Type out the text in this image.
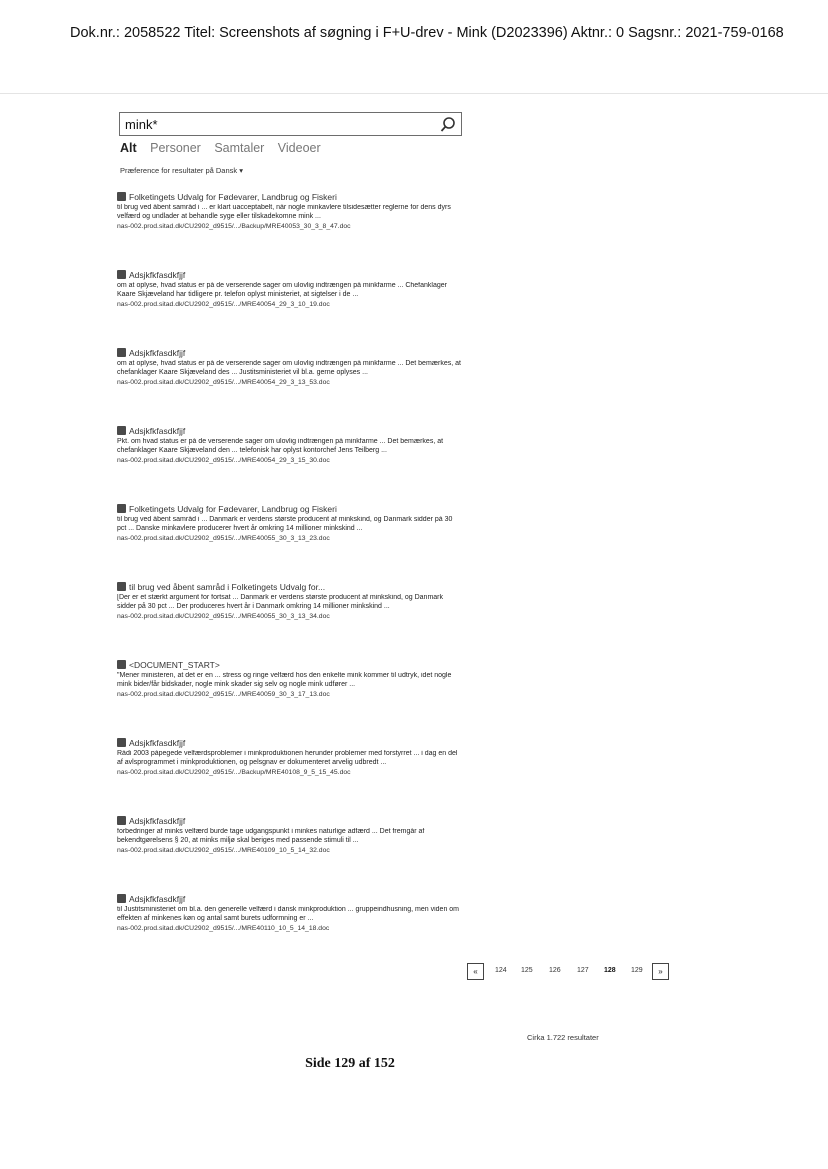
Dok.nr.: 2058522 Titel: Screenshots af søgning i F+U-drev - Mink (D2023396) Aktnr.: 0 Sagsnr.: 2021-759-0168
mink*
Alt Personer Samtaler Videoer
Præference for resultater på Dansk ▾
Folketingets Udvalg for Fødevarer, Landbrug og Fiskeri
til brug ved åbent samråd i ... er klart uacceptabelt, når nogle minkavlere tilsidesætter reglerne for dens dyrs velfærd og undlader at behandle syge eller tilskadekomne mink ...
nas-002.prod.sitad.dk/CU2902_d9515/.../Backup/MRE40053_30_3_8_47.doc
Adsjkfkfasdkfjjf
om at oplyse, hvad status er på de verserende sager om ulovlig indtrængen på minkfarme ... Chefanklager Kaare Skjæveland har tidligere pr. telefon oplyst ministeriet, at sigtelser i de ...
nas-002.prod.sitad.dk/CU2902_d9515/.../MRE40054_29_3_10_19.doc
Adsjkfkfasdkfjjf
om at oplyse, hvad status er på de verserende sager om ulovlig indtrængen på minkfarme ... Det bemærkes, at chefanklager Kaare Skjæveland des ... Justitsministeriet vil bl.a. gerne oplyses ...
nas-002.prod.sitad.dk/CU2902_d9515/.../MRE40054_29_3_13_53.doc
Adsjkfkfasdkfjjf
Pkt. om hvad status er på de verserende sager om ulovlig indtrængen på minkfarme ... Det bemærkes, at chefanklager Kaare Skjæveland den ... telefonisk har oplyst kontorchef Jens Teilberg ...
nas-002.prod.sitad.dk/CU2902_d9515/.../MRE40054_29_3_15_30.doc
Folketingets Udvalg for Fødevarer, Landbrug og Fiskeri
til brug ved åbent samråd i ... Danmark er verdens største producent af minkskind, og Danmark sidder på 30 pct ... Danske minkavlere producerer hvert år omkring 14 millioner minkskind ...
nas-002.prod.sitad.dk/CU2902_d9515/.../MRE40055_30_3_13_23.doc
til brug ved åbent samråd i Folketingets Udvalg for...
[Der er et stærkt argument for fortsat ... Danmark er verdens største producent af minkskind, og Danmark sidder på 30 pct ... Der produceres hvert år i Danmark omkring 14 millioner minkskind ...
nas-002.prod.sitad.dk/CU2902_d9515/.../MRE40055_30_3_13_34.doc
<DOCUMENT_START>
"Mener ministeren, at det er en ... stress og ringe velfærd hos den enkelte mink kommer til udtryk, idet nogle mink bider/får bidskader, nogle mink skader sig selv og nogle mink udfører ...
nas-002.prod.sitad.dk/CU2902_d9515/.../MRE40059_30_3_17_13.doc
Adsjkfkfasdkfjjf
Rådi 2003 påpegede velfærdsproblemer i minkproduktionen herunder problemer med forstyrret ... i dag en del af avlsprogrammet i minkproduktionen, og pelsgnav er dokumenteret arvelig udbredt ...
nas-002.prod.sitad.dk/CU2902_d9515/.../Backup/MRE40108_9_5_15_45.doc
Adsjkfkfasdkfjjf
forbedringer af minks velfærd burde tage udgangspunkt i minkes naturlige adfærd ... Det fremgår af bekendtgørelsens § 20, at minks miljø skal beriges med passende stimuli til ...
nas-002.prod.sitad.dk/CU2902_d9515/.../MRE40109_10_5_14_32.doc
Adsjkfkfasdkfjjf
til Justitsministeriet om bl.a. den generelle velfærd i dansk minkproduktion ... gruppeindhusning, men viden om effekten af minkenes køn og antal samt burets udformning er ...
nas-002.prod.sitad.dk/CU2902_d9515/.../MRE40110_10_5_14_18.doc
«	124 125 126 127 128 129	»
Cirka 1.722 resultater
Side 129 af 152
